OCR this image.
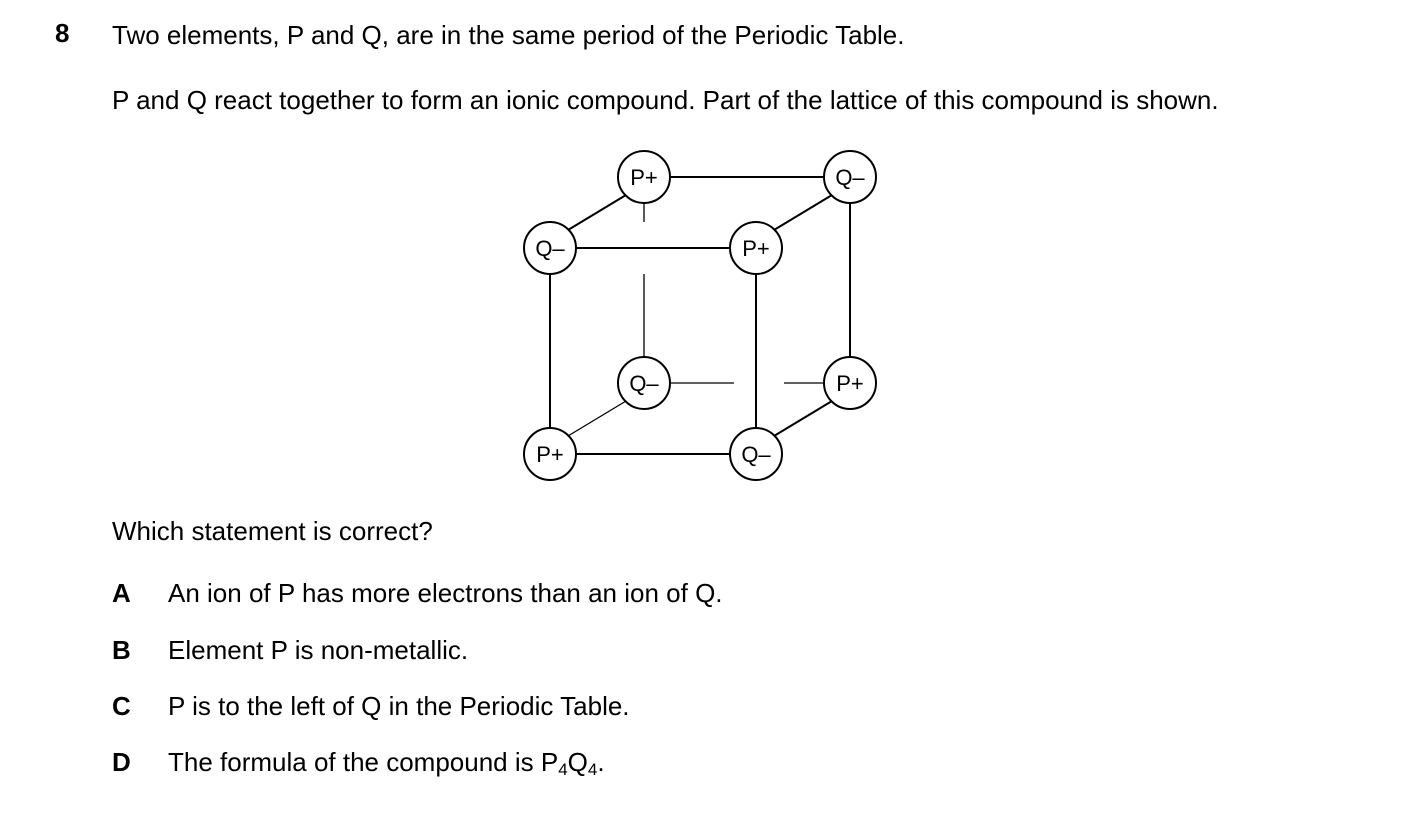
8 Two elements, P and Q, are in the same period of the Periodic Table.
P and Q react together to form an ionic compound. Part of the lattice of this compound is shown.
P+	Q–
Q–	P+
Q–	P+
P+	Q–
Which statement is correct?
A An ion of P has more electrons than an ion of Q.
B Element P is non-metallic.
C P is to the left of Q in the Periodic Table.
D The formula of the compound is $P_4Q_4$.
